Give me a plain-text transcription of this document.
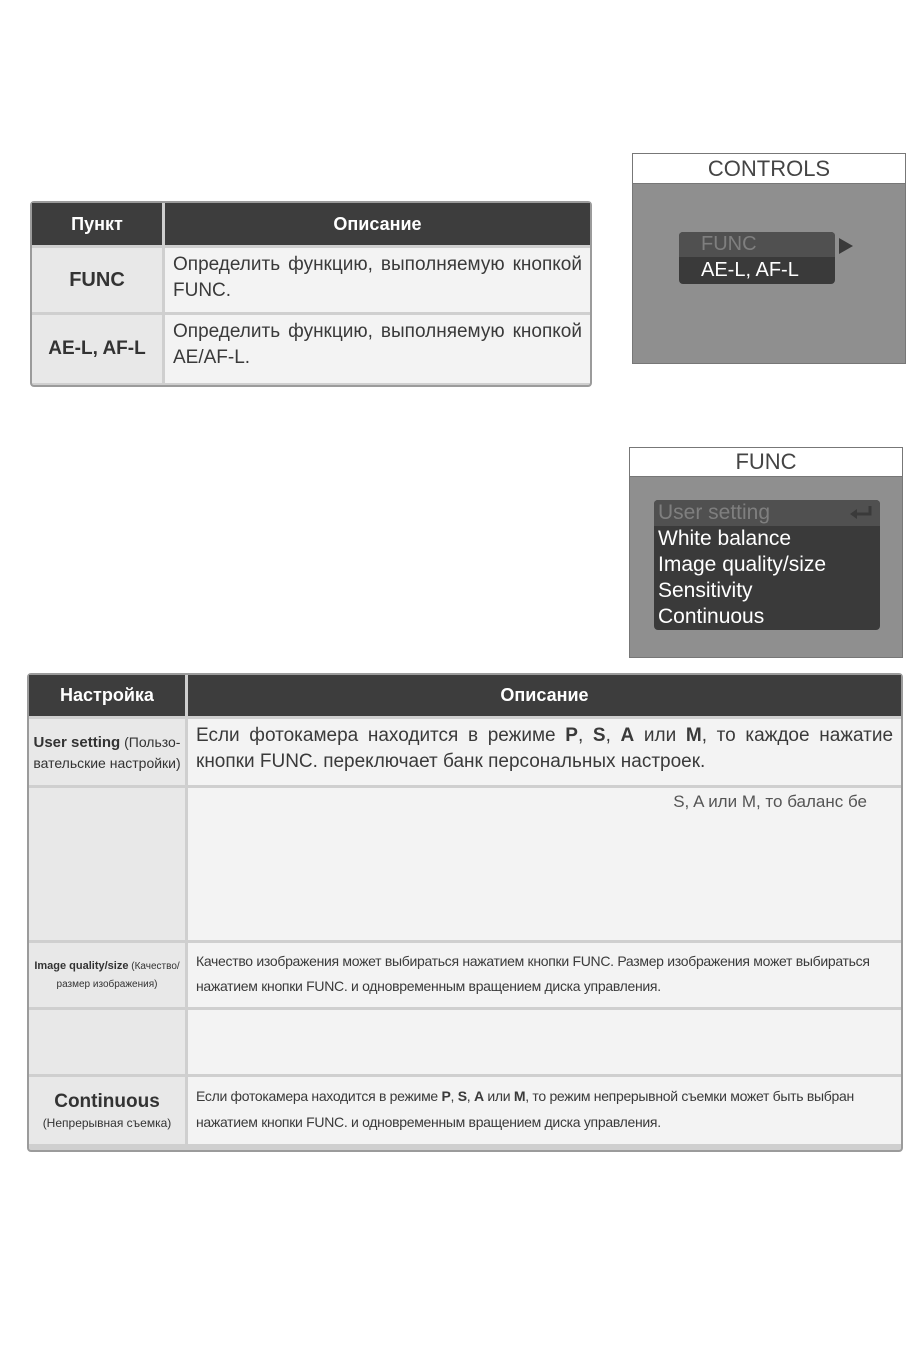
Пункт	Описание
FUNC
Определить функцию, выполняемую кнопкой FUNC.
AE-L, AF-L
Определить функцию, выполняемую кнопкой AE/AF-L.
CONTROLS
FUNC
AE-L, AF-L
FUNC
User setting
White balance
Image quality/size
Sensitivity
Continuous
Настройка	Описание
User setting (Пользо-вательские настройки)
Если фотокамера находится в режиме P, S, A или M, то каждое нажатие кнопки FUNC. переключает банк персональных настроек.
S, A или M, то баланс бе
Image quality/size (Качество/ размер изображения)
Качество изображения может выбираться нажатием кнопки FUNC. Размер изображения может выбираться нажатием кнопки FUNC. и одновременным вращением диска управления.
Continuous
(Непрерывная съемка)
Если фотокамера находится в режиме P, S, A или M, то режим непрерывной съемки может быть выбран нажатием кнопки FUNC. и одновременным вращением диска управления.
